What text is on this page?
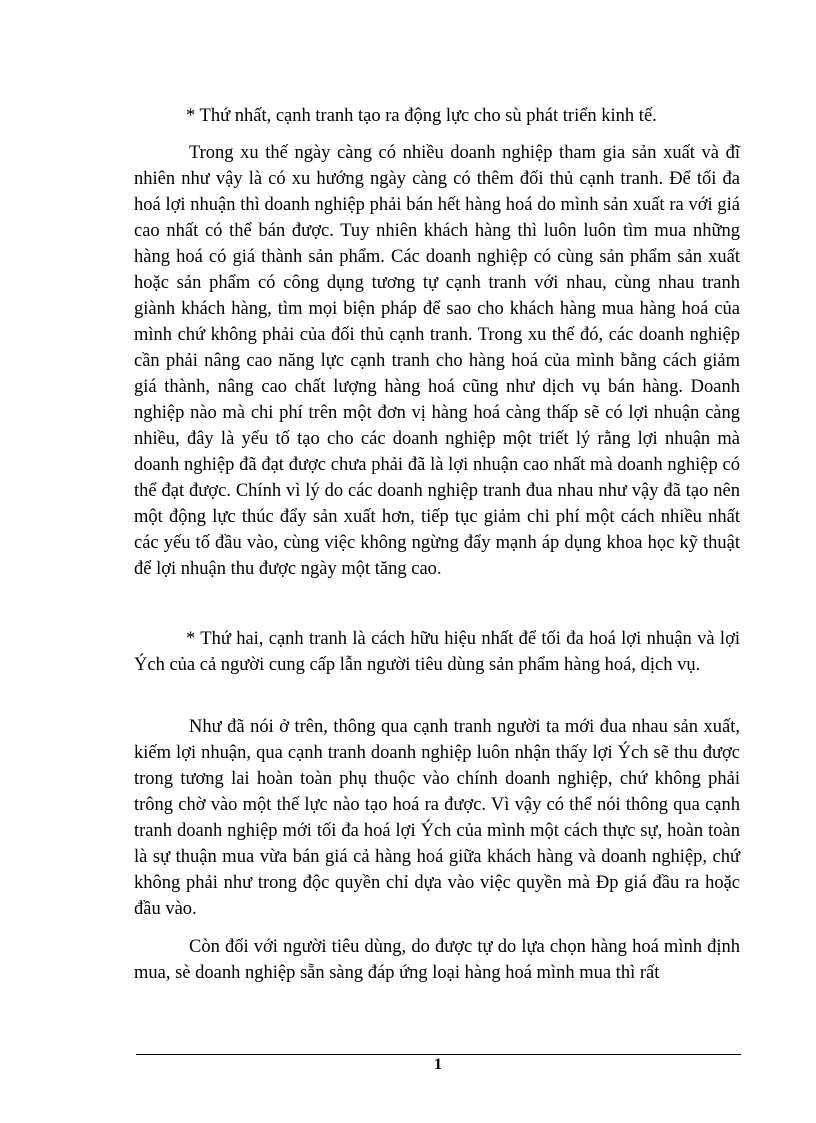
* Thứ nhất, cạnh tranh tạo ra động lực cho sù phát triển kinh tế.

Trong xu thế ngày càng có nhiều doanh nghiệp tham gia sản xuất và đĩ nhiên như vậy là có xu hướng ngày càng có thêm đối thủ cạnh tranh. Để tối đa hoá lợi nhuận thì doanh nghiệp phải bán hết hàng hoá do mình sản xuất ra với giá cao nhất có thể bán được. Tuy nhiên khách hàng thì luôn luôn tìm mua những hàng hoá có giá thành sản phẩm. Các doanh nghiệp có cùng sản phẩm sản xuất hoặc sản phẩm có công dụng tương tự cạnh tranh với nhau, cùng nhau tranh giành khách hàng, tìm mọi biện pháp để sao cho khách hàng mua hàng hoá của mình chứ không phải của đối thủ cạnh tranh. Trong xu thế đó, các doanh nghiệp cần phải nâng cao năng lực cạnh tranh cho hàng hoá của mình bằng cách giảm giá thành, nâng cao chất lượng hàng hoá cũng như dịch vụ bán hàng. Doanh nghiệp nào mà chi phí trên một đơn vị hàng hoá càng thấp sẽ có lợi nhuận càng nhiều, đây là yếu tố tạo cho các doanh nghiệp một triết lý rằng lợi nhuận mà doanh nghiệp đã đạt được chưa phải đã là lợi nhuận cao nhất mà doanh nghiệp có thể đạt được. Chính vì lý do các doanh nghiệp tranh đua nhau như vậy đã tạo nên một động lực thúc đẩy sản xuất hơn, tiếp tục giảm chi phí một cách nhiều nhất các yếu tố đầu vào, cùng việc không ngừng đẩy mạnh áp dụng khoa học kỹ thuật để lợi nhuận thu được ngày một tăng cao.

* Thứ hai, cạnh tranh là cách hữu hiệu nhất để tối đa hoá lợi nhuận và lợi Ých của cả người cung cấp lẫn người tiêu dùng sản phẩm hàng hoá, dịch vụ.

Như đã nói ở trên, thông qua cạnh tranh người ta mới đua nhau sản xuất, kiếm lợi nhuận, qua cạnh tranh doanh nghiệp luôn nhận thấy lợi Ých sẽ thu được trong tương lai hoàn toàn phụ thuộc vào chính doanh nghiệp, chứ không phải trông chờ vào một thế lực nào tạo hoá ra được. Vì vậy có thể nói thông qua cạnh tranh doanh nghiệp mới tối đa hoá lợi Ých của mình một cách thực sự, hoàn toàn là sự thuận mua vừa bán giá cả hàng hoá giữa khách hàng và doanh nghiệp, chứ không phải như trong độc quyền chỉ dựa vào việc quyền mà Ðp giá đầu ra hoặc đầu vào.

Còn đối với người tiêu dùng, do được tự do lựa chọn hàng hoá mình định mua, sè doanh nghiệp sẵn sàng đáp ứng loại hàng hoá mình mua thì rất

1
